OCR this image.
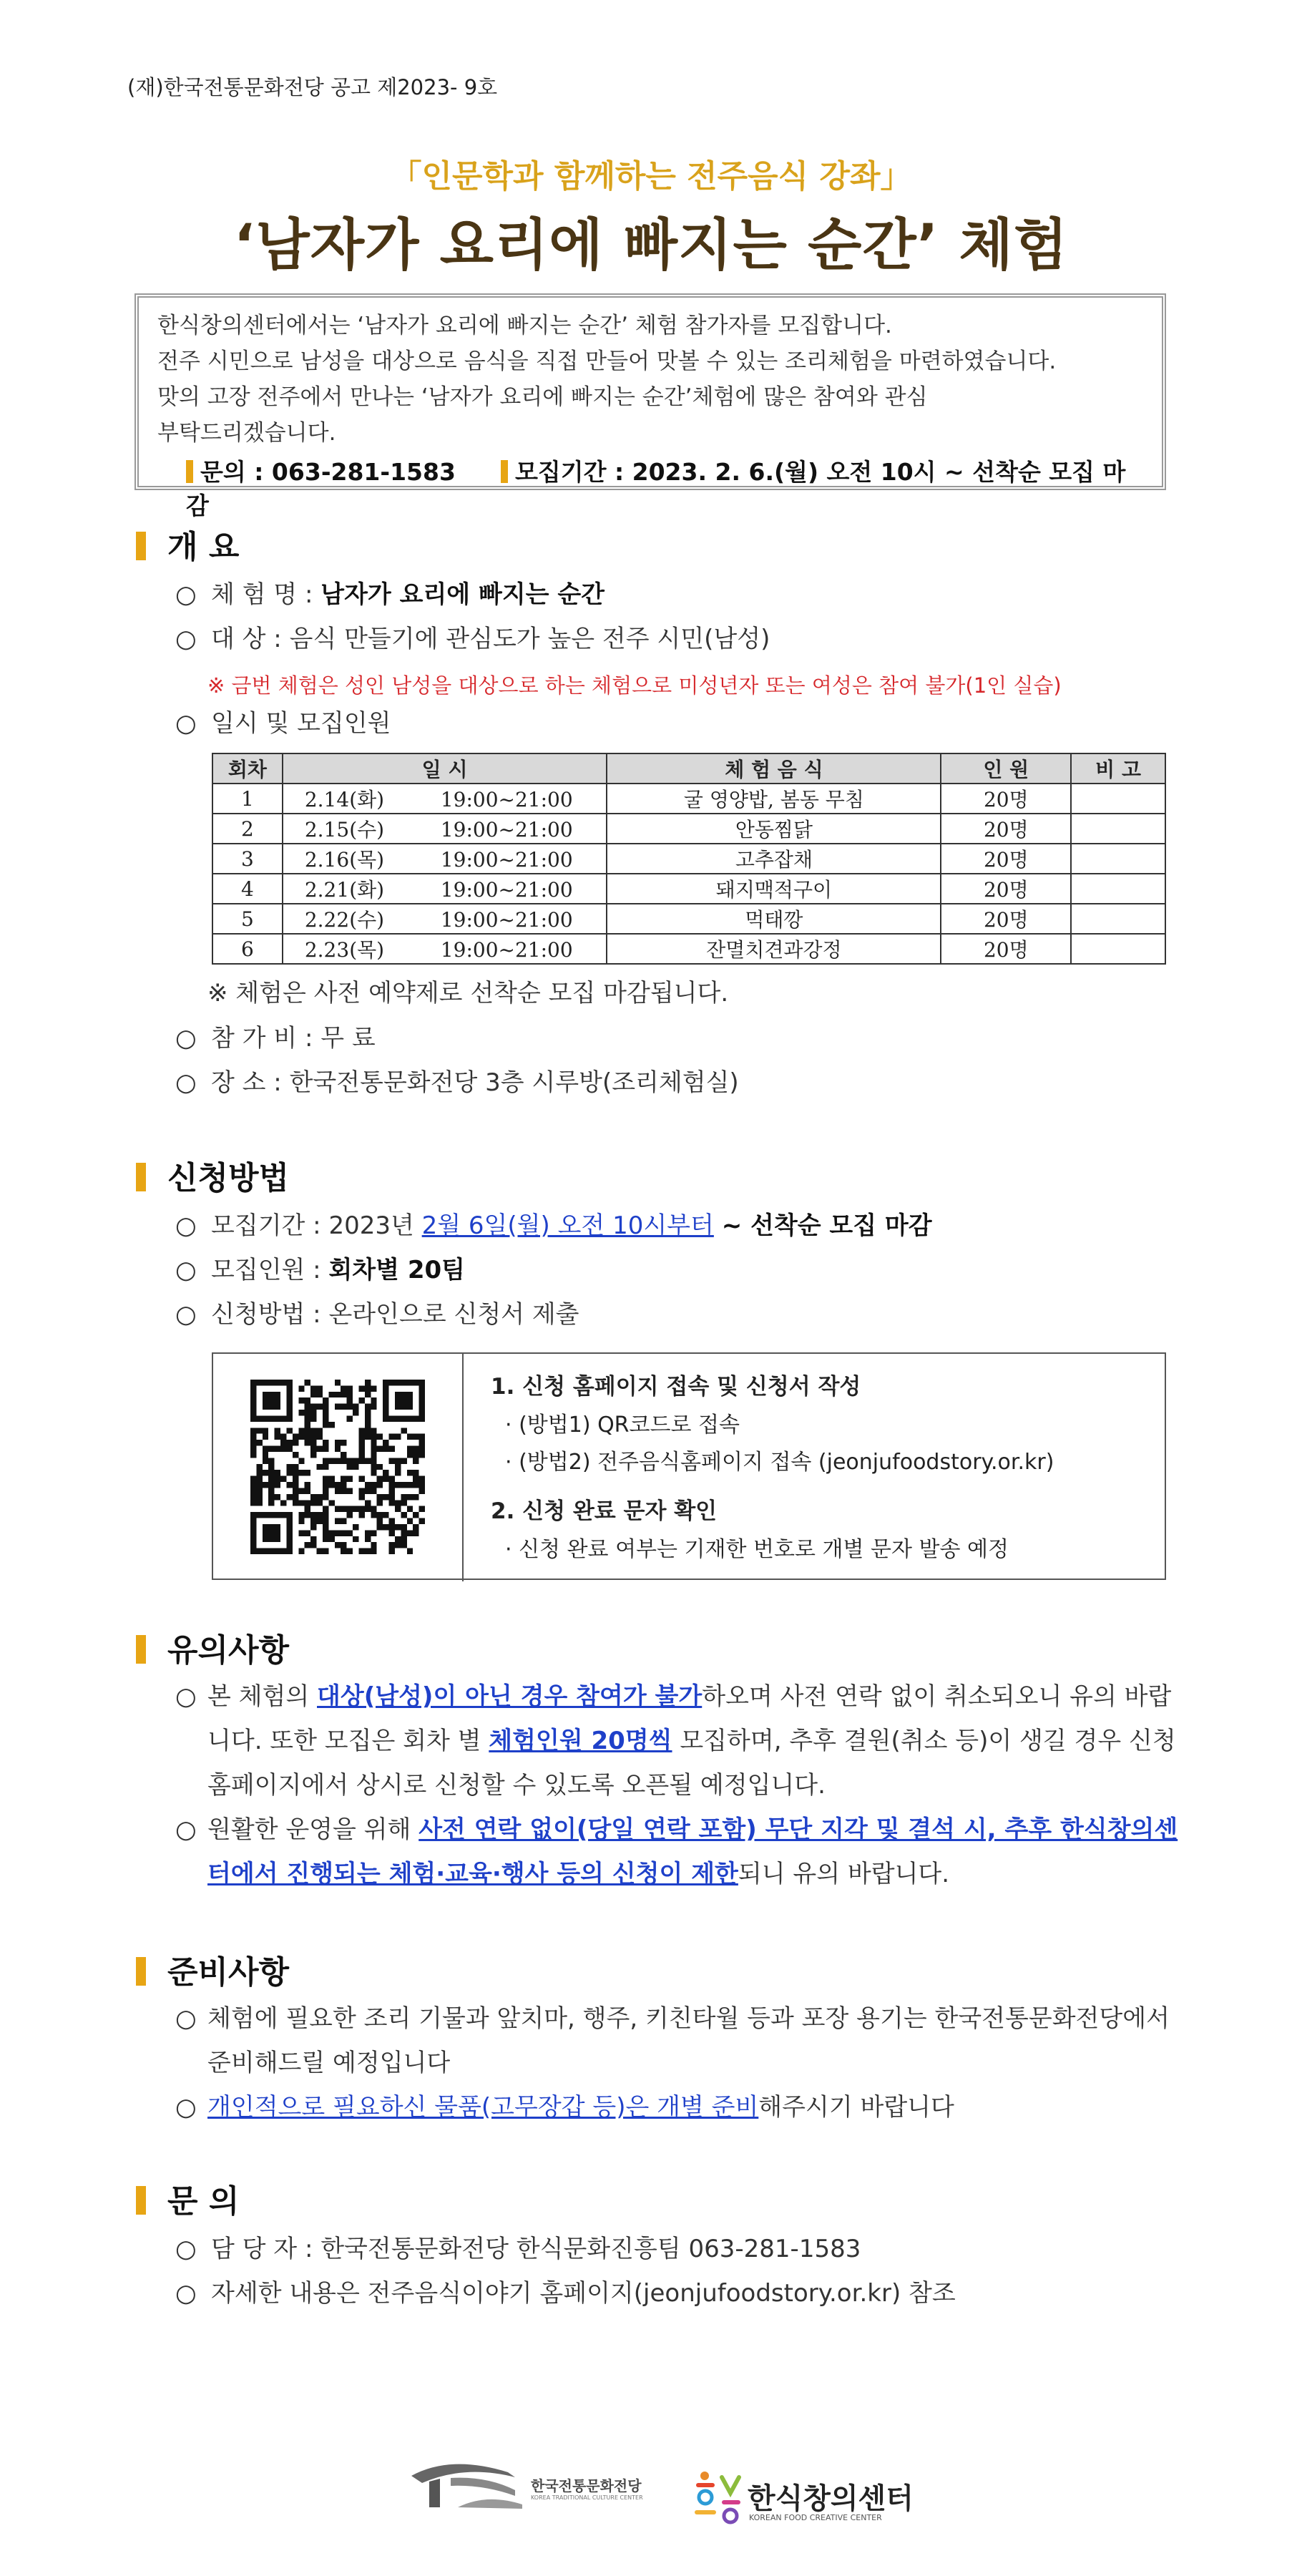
(재)한국전통문화전당 공고 제2023- 9호
「인문학과 함께하는 전주음식 강좌」
‘남자가 요리에 빠지는 순간’ 체험

한식창의센터에서는 ‘남자가 요리에 빠지는 순간’ 체험 참가자를 모집합니다.

전주 시민으로 남성을 대상으로 음식을 직접 만들어 맛볼 수 있는 조리체험을 마련하였습니다.

맛의 고장 전주에서 만나는 ‘남자가 요리에 빠지는 순간’체험에 많은 참여와 관심

부탁드리겠습니다.

문의 : 063-281-1583	모집기간 : 2023. 2. 6.(월) 오전 10시 ~ 선착순 모집 마감
개 요
○ 체 험 명 : 남자가 요리에 빠지는 순간
○ 대 상 : 음식 만들기에 관심도가 높은 전주 시민(남성)
※ 금번 체험은 성인 남성을 대상으로 하는 체험으로 미성년자 또는 여성은 참여 불가(1인 실습)
○ 일시 및 모집인원
회차	일 시	체 험 음 식	인 원	비 고
1	2.14(화) 19:00~21:00	굴 영양밥, 봄동 무침	20명	
2	2.15(수) 19:00~21:00	안동찜닭	20명	
3	2.16(목) 19:00~21:00	고추잡채	20명	
4	2.21(화) 19:00~21:00	돼지맥적구이	20명	
5	2.22(수) 19:00~21:00	먹태깡	20명	
6	2.23(목) 19:00~21:00	잔멸치견과강정	20명	
※ 체험은 사전 예약제로 선착순 모집 마감됩니다.
○ 참 가 비 : 무 료
○ 장 소 : 한국전통문화전당 3층 시루방(조리체험실)
신청방법
○ 모집기간 : 2023년 2월 6일(월) 오전 10시부터 ~ 선착순 모집 마감
○ 모집인원 : 회차별 20팀
○ 신청방법 : 온라인으로 신청서 제출
1. 신청 홈페이지 접속 및 신청서 작성
· (방법1) QR코드로 접속
· (방법2) 전주음식홈페이지 접속 (jeonjufoodstory.or.kr)
2. 신청 완료 문자 확인
· 신청 완료 여부는 기재한 번호로 개별 문자 발송 예정
유의사항
○ 본 체험의 대상(남성)이 아닌 경우 참여가 불가하오며 사전 연락 없이 취소되오니 유의 바랍니다. 또한 모집은 회차 별 체험인원 20명씩 모집하며, 추후 결원(취소 등)이 생길 경우 신청 홈페이지에서 상시로 신청할 수 있도록 오픈될 예정입니다.
○ 원활한 운영을 위해 사전 연락 없이(당일 연락 포함) 무단 지각 및 결석 시, 추후 한식창의센터에서 진행되는 체험·교육·행사 등의 신청이 제한되니 유의 바랍니다.
준비사항
○ 체험에 필요한 조리 기물과 앞치마, 행주, 키친타월 등과 포장 용기는 한국전통문화전당에서 준비해드릴 예정입니다
○ 개인적으로 필요하신 물품(고무장갑 등)은 개별 준비해주시기 바랍니다
문 의
○ 담 당 자 : 한국전통문화전당 한식문화진흥팀 063-281-1583
○ 자세한 내용은 전주음식이야기 홈페이지(jeonjufoodstory.or.kr) 참조
한국전통문화전당
KOREA TRADITIONAL CULTURE CENTER	한식창의센터
KOREAN FOOD CREATIVE CENTER
